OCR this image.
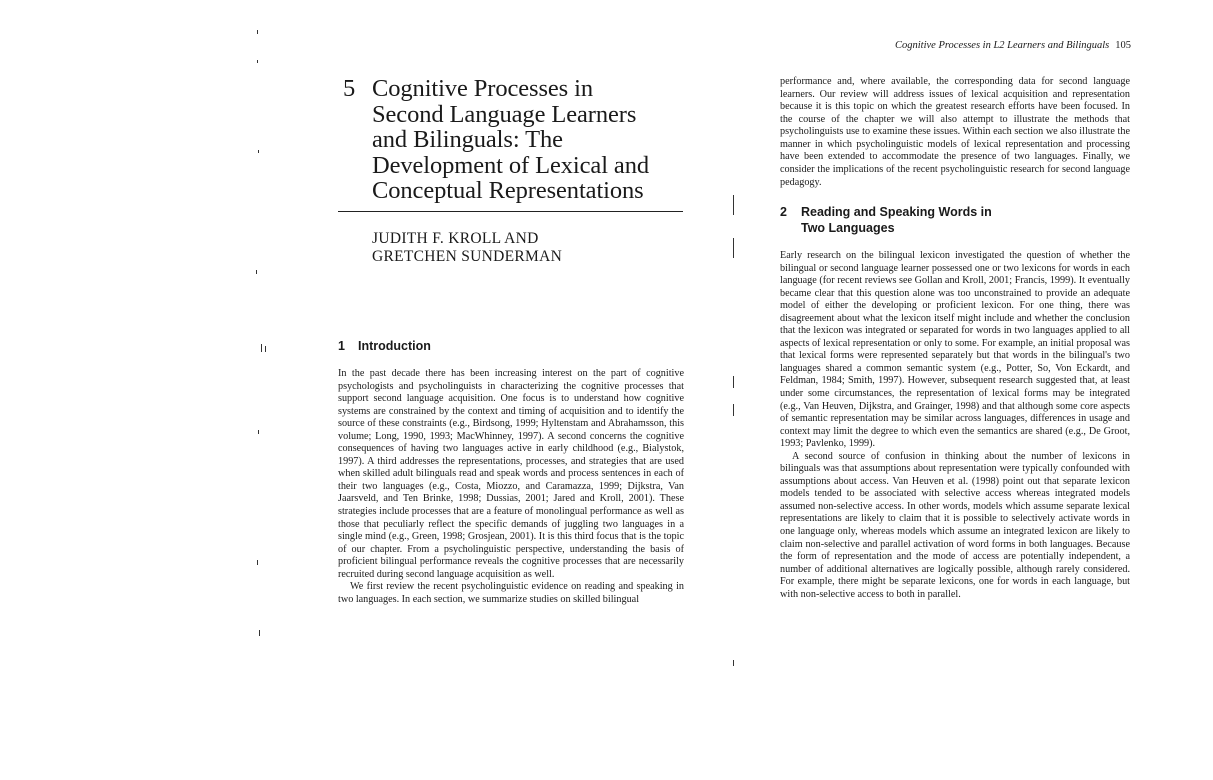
5 Cognitive Processes in
Second Language Learners
and Bilinguals: The
Development of Lexical and
Conceptual Representations
JUDITH F. KROLL AND
GRETCHEN SUNDERMAN
1 Introduction

In the past decade there has been increasing interest on the part of cognitive psychologists and psycholinguists in characterizing the cognitive processes that support second language acquisition. One focus is to understand how cognitive systems are constrained by the context and timing of acquisition and to identify the source of these constraints (e.g., Birdsong, 1999; Hyltenstam and Abrahamsson, this volume; Long, 1990, 1993; MacWhinney, 1997). A second concerns the cognitive consequences of having two languages active in early childhood (e.g., Bialystok, 1997). A third addresses the representations, processes, and strategies that are used when skilled adult bilinguals read and speak words and process sentences in each of their two languages (e.g., Costa, Miozzo, and Caramazza, 1999; Dijkstra, Van Jaarsveld, and Ten Brinke, 1998; Dussias, 2001; Jared and Kroll, 2001). These strategies include processes that are a feature of monolingual performance as well as those that peculiarly reflect the specific demands of juggling two languages in a single mind (e.g., Green, 1998; Grosjean, 2001). It is this third focus that is the topic of our chapter. From a psycholinguistic perspective, understanding the basis of proficient bilingual performance reveals the cognitive processes that are necessarily recruited during second language acquisition as well.

We first review the recent psycholinguistic evidence on reading and speaking in two languages. In each section, we summarize studies on skilled bilingual

Cognitive Processes in L2 Learners and Bilinguals 105

performance and, where available, the corresponding data for second language learners. Our review will address issues of lexical acquisition and representation because it is this topic on which the greatest research efforts have been focused. In the course of the chapter we will also attempt to illustrate the methods that psycholinguists use to examine these issues. Within each section we also illustrate the manner in which psycholinguistic models of lexical representation and processing have been extended to accommodate the presence of two languages. Finally, we consider the implications of the recent psycholinguistic research for second language pedagogy.

2 Reading and Speaking Words in
Two Languages

Early research on the bilingual lexicon investigated the question of whether the bilingual or second language learner possessed one or two lexicons for words in each language (for recent reviews see Gollan and Kroll, 2001; Francis, 1999). It eventually became clear that this question alone was too unconstrained to provide an adequate model of either the developing or proficient lexicon. For one thing, there was disagreement about what the lexicon itself might include and whether the conclusion that the lexicon was integrated or separated for words in two languages applied to all aspects of lexical representation or only to some. For example, an initial proposal was that lexical forms were represented separately but that words in the bilingual's two languages shared a common semantic system (e.g., Potter, So, Von Eckardt, and Feldman, 1984; Smith, 1997). However, subsequent research suggested that, at least under some circumstances, the representation of lexical forms may be integrated (e.g., Van Heuven, Dijkstra, and Grainger, 1998) and that although some core aspects of semantic representation may be similar across languages, differences in usage and context may limit the degree to which even the semantics are shared (e.g., De Groot, 1993; Pavlenko, 1999).

A second source of confusion in thinking about the number of lexicons in bilinguals was that assumptions about representation were typically confounded with assumptions about access. Van Heuven et al. (1998) point out that separate lexicon models tended to be associated with selective access whereas integrated models assumed non-selective access. In other words, models which assume separate lexical representations are likely to claim that it is possible to selectively activate words in one language only, whereas models which assume an integrated lexicon are likely to claim non-selective and parallel activation of word forms in both languages. Because the form of representation and the mode of access are potentially independent, a number of additional alternatives are logically possible, although rarely considered. For example, there might be separate lexicons, one for words in each language, but with non-selective access to both in parallel.
